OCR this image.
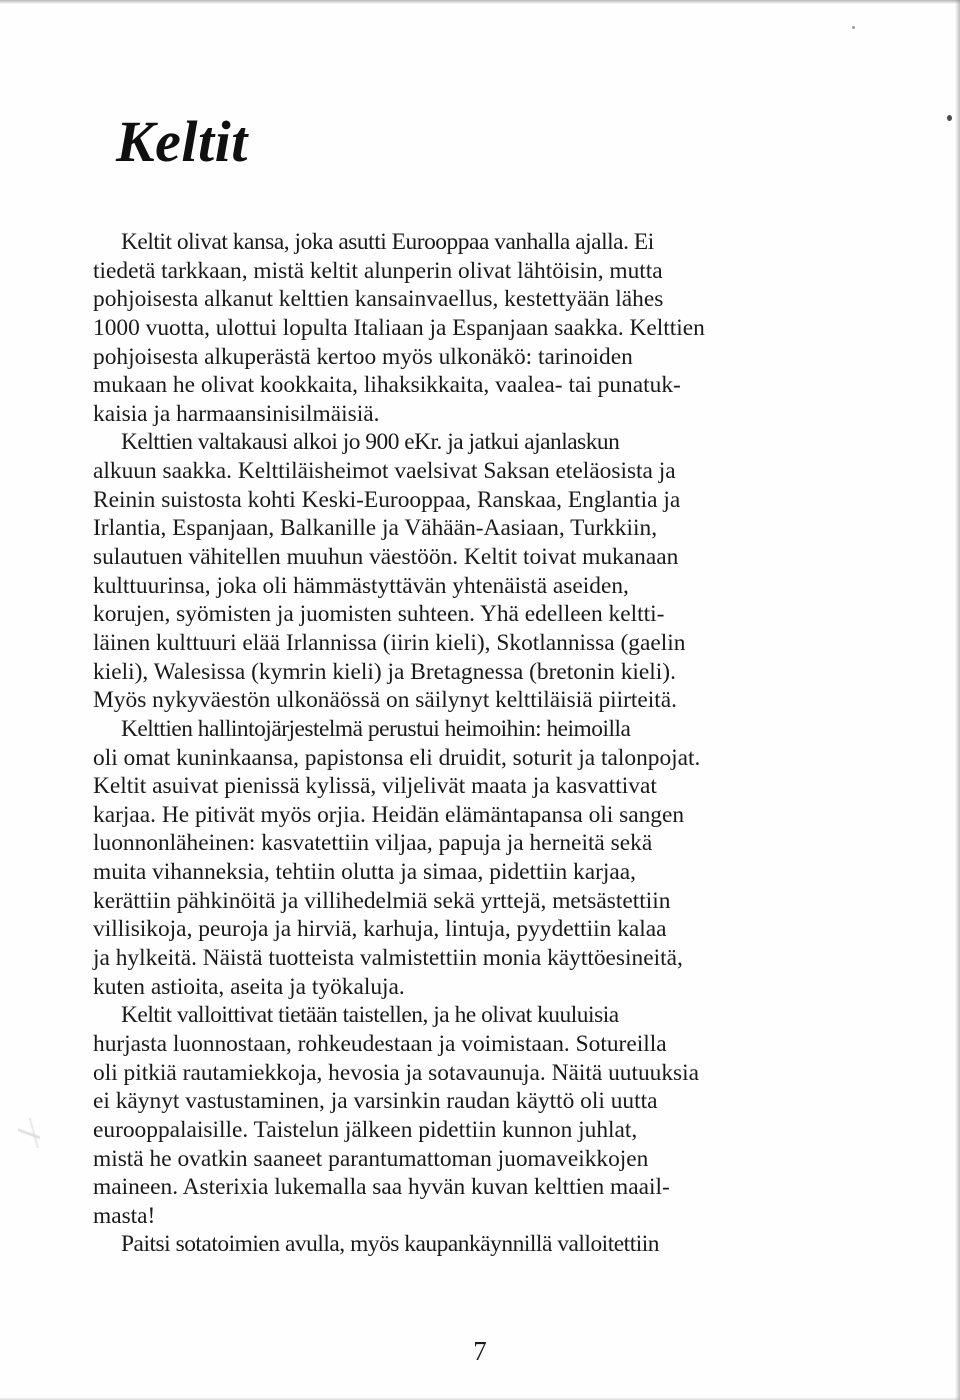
Keltit
Keltit olivat kansa, joka asutti Eurooppaa vanhalla ajalla. Ei
tiedetä tarkkaan, mistä keltit alunperin olivat lähtöisin, mutta
pohjoisesta alkanut kelttien kansainvaellus, kestettyään lähes
1000 vuotta, ulottui lopulta Italiaan ja Espanjaan saakka. Kelttien
pohjoisesta alkuperästä kertoo myös ulkonäkö: tarinoiden
mukaan he olivat kookkaita, lihaksikkaita, vaalea- tai punatuk-
kaisia ja harmaansinisilmäisiä.
Kelttien valtakausi alkoi jo 900 eKr. ja jatkui ajanlaskun
alkuun saakka. Kelttiläisheimot vaelsivat Saksan eteläosista ja
Reinin suistosta kohti Keski-Eurooppaa, Ranskaa, Englantia ja
Irlantia, Espanjaan, Balkanille ja Vähään-Aasiaan, Turkkiin,
sulautuen vähitellen muuhun väestöön. Keltit toivat mukanaan
kulttuurinsa, joka oli hämmästyttävän yhtenäistä aseiden,
korujen, syömisten ja juomisten suhteen. Yhä edelleen keltti-
läinen kulttuuri elää Irlannissa (iirin kieli), Skotlannissa (gaelin
kieli), Walesissa (kymrin kieli) ja Bretagnessa (bretonin kieli).
Myös nykyväestön ulkonäössä on säilynyt kelttiläisiä piirteitä.
Kelttien hallintojärjestelmä perustui heimoihin: heimoilla
oli omat kuninkaansa, papistonsa eli druidit, soturit ja talonpojat.
Keltit asuivat pienissä kylissä, viljelivät maata ja kasvattivat
karjaa. He pitivät myös orjia. Heidän elämäntapansa oli sangen
luonnonläheinen: kasvatettiin viljaa, papuja ja herneitä sekä
muita vihanneksia, tehtiin olutta ja simaa, pidettiin karjaa,
kerättiin pähkinöitä ja villihedelmiä sekä yrttejä, metsästettiin
villisikoja, peuroja ja hirviä, karhuja, lintuja, pyydettiin kalaa
ja hylkeitä. Näistä tuotteista valmistettiin monia käyttöesineitä,
kuten astioita, aseita ja työkaluja.
Keltit valloittivat tietään taistellen, ja he olivat kuuluisia
hurjasta luonnostaan, rohkeudestaan ja voimistaan. Sotureilla
oli pitkiä rautamiekkoja, hevosia ja sotavaunuja. Näitä uutuuksia
ei käynyt vastustaminen, ja varsinkin raudan käyttö oli uutta
eurooppalaisille. Taistelun jälkeen pidettiin kunnon juhlat,
mistä he ovatkin saaneet parantumattoman juomaveikkojen
maineen. Asterixia lukemalla saa hyvän kuvan kelttien maail-
masta!
Paitsi sotatoimien avulla, myös kaupankäynnillä valloitettiin
7
